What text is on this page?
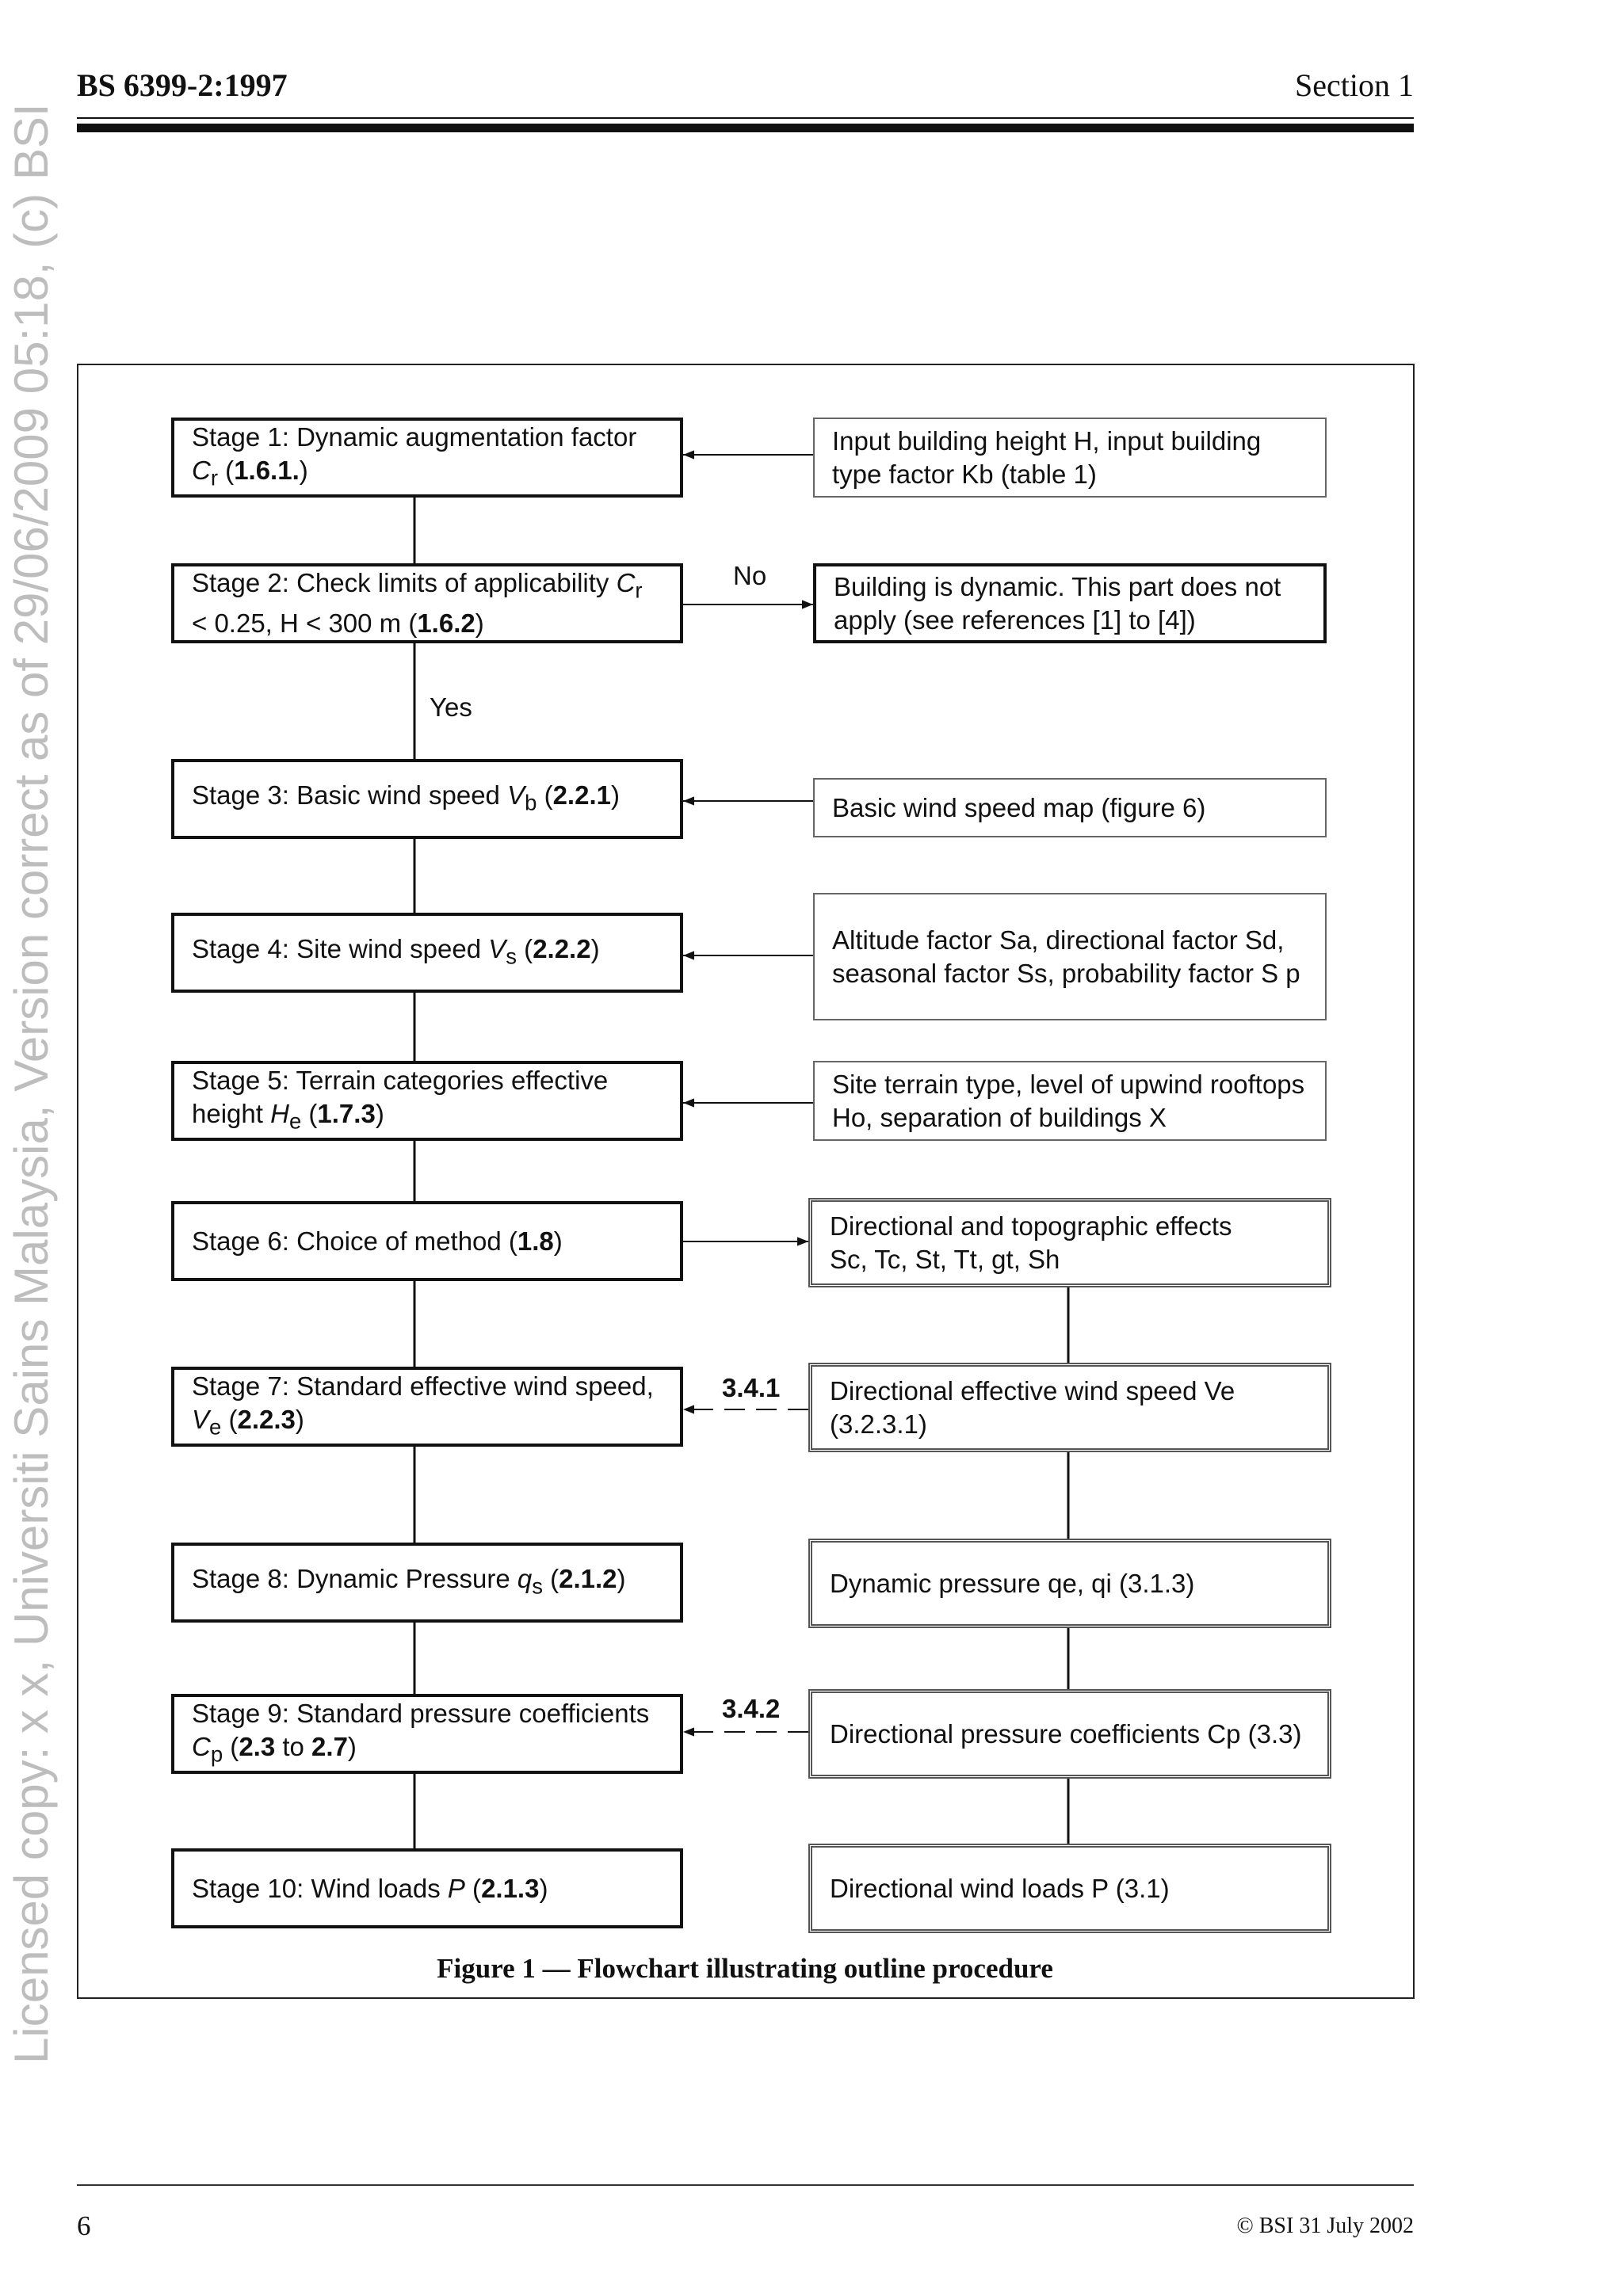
BS 6399-2:1997	Section 1
Licensed copy: x x, Universiti Sains Malaysia, Version correct as of 29/06/2009 05:18, (c) BSI	Stage 1: Dynamic augmentation factor $C_r$ (1.6.1.)
Stage 2: Check limits of applicability $C_r < 0.25$, H < 300 m (1.6.2)
Stage 3: Basic wind speed $V_b$ (2.2.1)
Stage 4: Site wind speed $V_s$ (2.2.2)
Stage 5: Terrain categories effective height $H_e$ (1.7.3)
Stage 6: Choice of method (1.8)
Stage 7: Standard effective wind speed, $V_e$ (2.2.3)
Stage 8: Dynamic Pressure $q_s$ (2.1.2)
Stage 9: Standard pressure coefficients $C_p$ (2.3 to 2.7)
Stage 10: Wind loads P (2.1.3)
Input building height H, input building type factor Kb (table 1)
Building is dynamic. This part does not apply (see references [1] to [4])
Basic wind speed map (figure 6)
Altitude factor Sa, directional factor Sd, seasonal factor Ss, probability factor S p
Site terrain type, level of upwind rooftops Ho, separation of buildings X
Directional and topographic effects
Sc, Tc, St, Tt, gt, Sh
Directional effective wind speed Ve (3.2.3.1)
Dynamic pressure qe, qi (3.1.3)
Directional pressure coefficients Cp (3.3)
Directional wind loads P (3.1)
No
Yes
3.4.1
3.4.2
Figure 1 — Flowchart illustrating outline procedure
6	© BSI 31 July 2002
